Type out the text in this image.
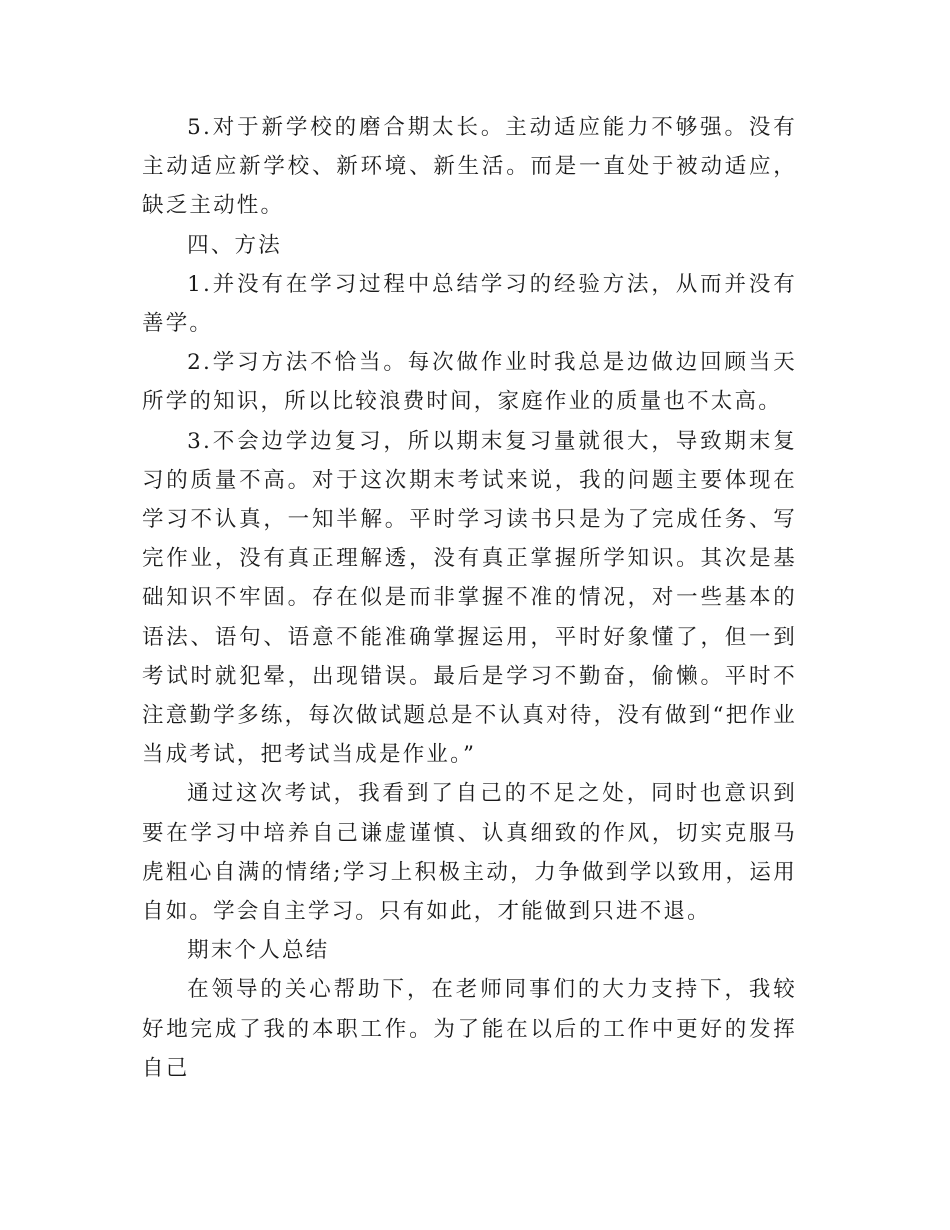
5.对于新学校的磨合期太长。主动适应能力不够强。没有主动适应新学校、新环境、新生活。而是一直处于被动适应，缺乏主动性。

四、方法

1.并没有在学习过程中总结学习的经验方法，从而并没有善学。

2.学习方法不恰当。每次做作业时我总是边做边回顾当天所学的知识，所以比较浪费时间，家庭作业的质量也不太高。

3.不会边学边复习，所以期末复习量就很大，导致期末复习的质量不高。对于这次期末考试来说，我的问题主要体现在学习不认真，一知半解。平时学习读书只是为了完成任务、写完作业，没有真正理解透，没有真正掌握所学知识。其次是基础知识不牢固。存在似是而非掌握不准的情况，对一些基本的语法、语句、语意不能准确掌握运用，平时好象懂了，但一到考试时就犯晕，出现错误。最后是学习不勤奋，偷懒。平时不注意勤学多练，每次做试题总是不认真对待，没有做到“把作业当成考试，把考试当成是作业。”

通过这次考试，我看到了自己的不足之处，同时也意识到要在学习中培养自己谦虚谨慎、认真细致的作风，切实克服马虎粗心自满的情绪;学习上积极主动，力争做到学以致用，运用自如。学会自主学习。只有如此，才能做到只进不退。

期末个人总结

在领导的关心帮助下，在老师同事们的大力支持下，我较好地完成了我的本职工作。为了能在以后的工作中更好的发挥自己
